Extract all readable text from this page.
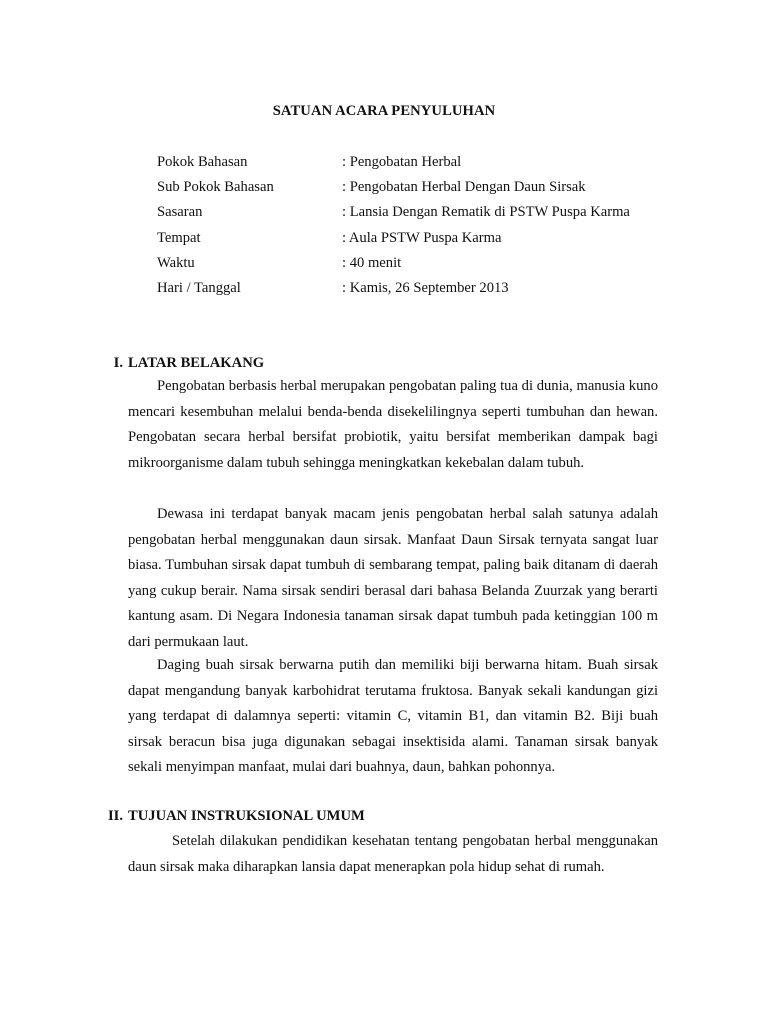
SATUAN ACARA PENYULUHAN
Pokok Bahasan	: Pengobatan Herbal
Sub Pokok Bahasan	: Pengobatan Herbal Dengan Daun Sirsak
Sasaran	: Lansia Dengan Rematik di PSTW Puspa Karma
Tempat	: Aula PSTW Puspa Karma
Waktu	: 40 menit
Hari / Tanggal	: Kamis, 26 September 2013
I. LATAR BELAKANG

Pengobatan berbasis herbal merupakan pengobatan paling tua di dunia, manusia kuno mencari kesembuhan melalui benda-benda disekelilingnya seperti tumbuhan dan hewan. Pengobatan secara herbal bersifat probiotik, yaitu bersifat memberikan dampak bagi mikroorganisme dalam tubuh sehingga meningkatkan kekebalan dalam tubuh.

Dewasa ini terdapat banyak macam jenis pengobatan herbal salah satunya adalah pengobatan herbal menggunakan daun sirsak. Manfaat Daun Sirsak ternyata sangat luar biasa. Tumbuhan sirsak dapat tumbuh di sembarang tempat, paling baik ditanam di daerah yang cukup berair. Nama sirsak sendiri berasal dari bahasa Belanda Zuurzak yang berarti kantung asam. Di Negara Indonesia tanaman sirsak dapat tumbuh pada ketinggian 100 m dari permukaan laut.

Daging buah sirsak berwarna putih dan memiliki biji berwarna hitam. Buah sirsak dapat mengandung banyak karbohidrat terutama fruktosa. Banyak sekali kandungan gizi yang terdapat di dalamnya seperti: vitamin C, vitamin B1, dan vitamin B2. Biji buah sirsak beracun bisa juga digunakan sebagai insektisida alami. Tanaman sirsak banyak sekali menyimpan manfaat, mulai dari buahnya, daun, bahkan pohonnya.

II. TUJUAN INSTRUKSIONAL UMUM

Setelah dilakukan pendidikan kesehatan tentang pengobatan herbal menggunakan daun sirsak maka diharapkan lansia dapat menerapkan pola hidup sehat di rumah.
